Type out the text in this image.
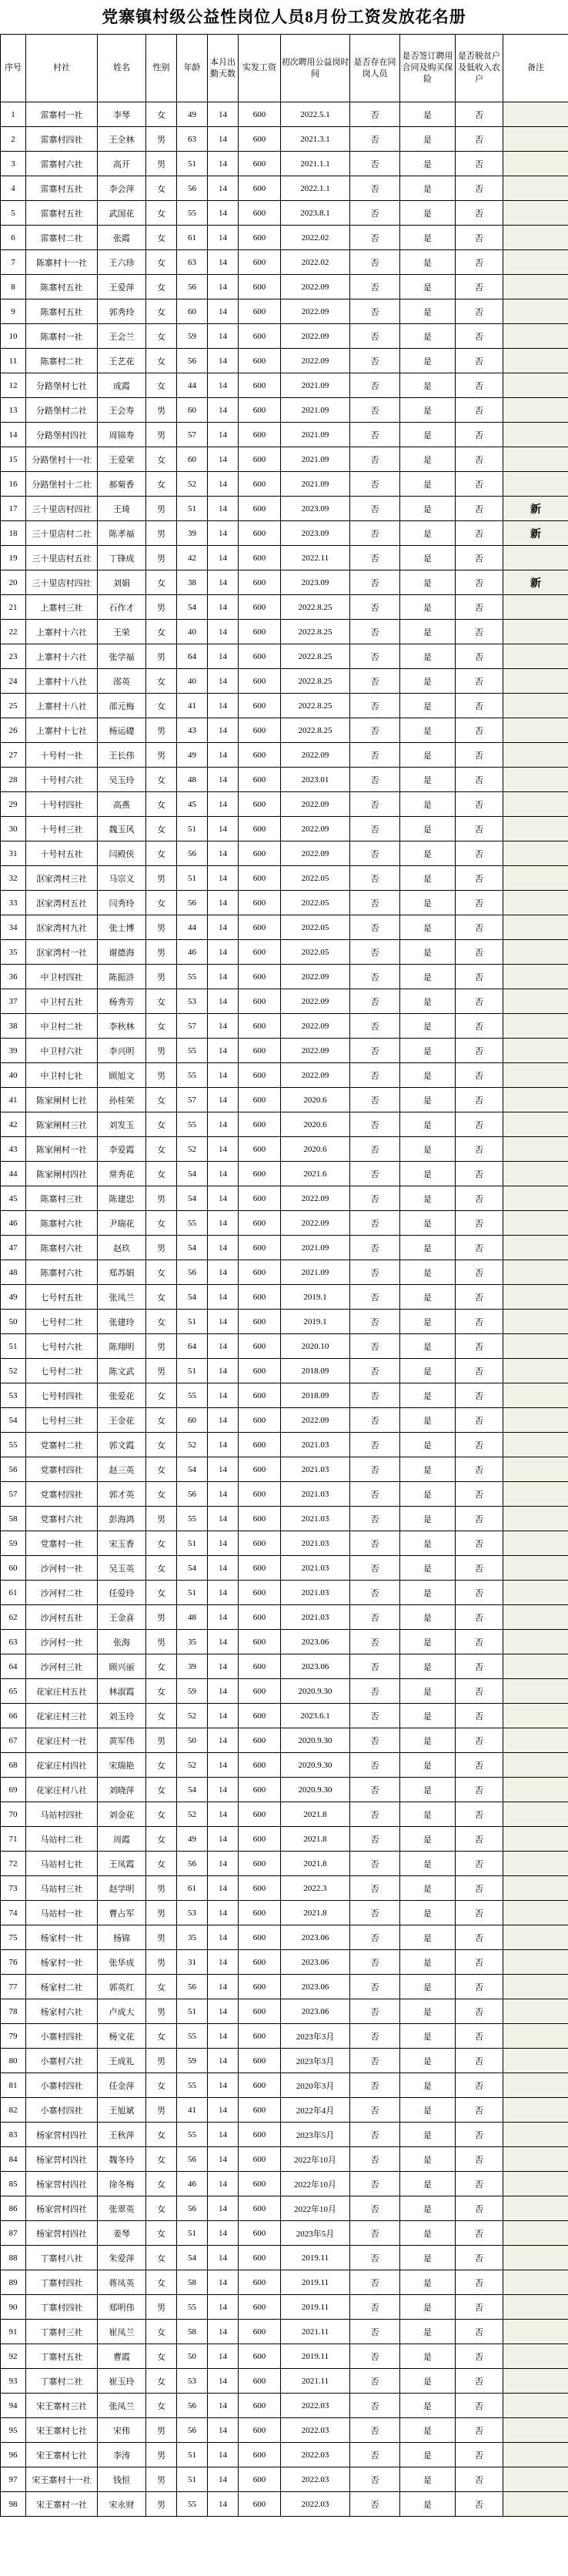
党寨镇村级公益性岗位人员8月份工资发放花名册
序号	村社	姓名	性别	年龄	本月出勤天数	实发工资	初次聘用公益岗时间	是否存在同岗人员	是否签订聘用合同及购买保险	是否脱贫户及低收入农户	备注
1	雷寨村一社	李琴	女	49	14	600	2022.5.1	否	是	否	
2	雷寨村四社	王全林	男	63	14	600	2021.3.1	否	是	否	
3	雷寨村六社	高开	男	51	14	600	2021.1.1	否	是	否	
4	雷寨村五社	李会萍	女	56	14	600	2022.1.1	否	是	否	
5	雷寨村五社	武国花	女	55	14	600	2023.8.1	否	是	否	
6	雷寨村二社	张霞	女	61	14	600	2022.02	否	是	否	
7	陈寨村十一社	王六珍	女	63	14	600	2022.02	否	是	否	
8	陈寨村五社	王爱萍	女	56	14	600	2022.09	否	是	否	
9	陈寨村五社	郭秀玲	女	60	14	600	2022.09	否	是	否	
10	陈寨村一社	王会兰	女	59	14	600	2022.09	否	是	否	
11	陈寨村二社	王艺花	女	56	14	600	2022.09	否	是	否	
12	分路堡村七社	成霞	女	44	14	600	2021.09	否	是	否	
13	分路堡村二社	王会寿	男	60	14	600	2021.09	否	是	否	
14	分路堡村四社	周锦寿	男	57	14	600	2021.09	否	是	否	
15	分路堡村十一社	王爱荣	女	60	14	600	2021.09	否	是	否	
16	分路堡村十二社	郝菊香	女	52	14	600	2021.09	否	是	否	
17	三十里店村四社	王琦	男	51	14	600	2023.09	否	是	否	新
18	三十里店村二社	陈孝福	男	39	14	600	2023.09	否	是	否	新
19	三十里店村五社	丁锋成	男	42	14	600	2022.11	否	是	否	
20	三十里店村四社	刘娟	女	38	14	600	2023.09	否	是	否	新
21	上寨村三社	石作才	男	54	14	600	2022.8.25	否	是	否	
22	上寨村十六社	王荣	女	40	14	600	2022.8.25	否	是	否	
23	上寨村十六社	张学福	男	64	14	600	2022.8.25	否	是	否	
24	上寨村十八社	邵英	女	40	14	600	2022.8.25	否	是	否	
25	上寨村十八社	邵元梅	女	41	14	600	2022.8.25	否	是	否	
26	上寨村十七社	杨运礎	男	43	14	600	2022.8.25	否	是	否	
27	十号村一社	王长伟	男	49	14	600	2022.09	否	是	否	
28	十号村六社	吴玉玲	女	48	14	600	2023.01	否	是	否	
29	十号村四社	高燕	女	45	14	600	2022.09	否	是	否	
30	十号村三社	魏玉风	女	51	14	600	2022.09	否	是	否	
31	十号村五社	闫殿侠	女	56	14	600	2022.09	否	是	否	
32	沤家湾村三社	马宗义	男	51	14	600	2022.05	否	是	否	
33	沤家湾村五社	闫秀玲	女	56	14	600	2022.05	否	是	否	
34	沤家湾村九社	张士博	男	44	14	600	2022.05	否	是	否	
35	沤家湾村一社	谢德海	男	46	14	600	2022.05	否	是	否	
36	中卫村四社	陈振浒	男	55	14	600	2022.09	否	是	否	
37	中卫村五社	杨秀芳	女	53	14	600	2022.09	否	是	否	
38	中卫村二社	李秋林	女	57	14	600	2022.09	否	是	否	
39	中卫村六社	李兴明	男	55	14	600	2022.09	否	是	否	
40	中卫村七社	顾旭文	男	55	14	600	2022.09	否	是	否	
41	陈家闸村七社	孙桂荣	女	57	14	600	2020.6	否	是	否	
42	陈家闸村三社	刘发玉	女	55	14	600	2020.6	否	是	否	
43	陈家闸村一社	李爱霞	女	52	14	600	2020.6	否	是	否	
44	陈家闸村四社	常秀花	女	54	14	600	2021.6	否	是	否	
45	陈寨村三社	陈建忠	男	54	14	600	2022.09	否	是	否	
46	陈寨村六社	尹瑞花	女	55	14	600	2022.09	否	是	否	
47	陈寨村六社	赵玖	男	54	14	600	2021.09	否	是	否	
48	陈寨村六社	郑苏娟	女	56	14	600	2021.09	否	是	否	
49	七号村五社	张凤兰	女	54	14	600	2019.1	否	是	否	
50	七号村二社	张建玲	女	51	14	600	2019.1	否	是	否	
51	七号村六社	陈翔明	男	64	14	600	2020.10	否	是	否	
52	七号村二社	陈文武	男	51	14	600	2018.09	否	是	否	
53	七号村四社	张爱花	女	55	14	600	2018.09	否	是	否	
54	七号村三社	王金花	女	60	14	600	2022.09	否	是	否	
55	党寨村二社	郭文霞	女	52	14	600	2021.03	否	是	否	
56	党寨村四社	赵三英	女	54	14	600	2021.03	否	是	否	
57	党寨村四社	郭才英	女	56	14	600	2021.03	否	是	否	
58	党寨村六社	彭海鸿	男	55	14	600	2021.03	否	是	否	
59	党寨村一社	宋玉香	女	51	14	600	2021.03	否	是	否	
60	沙河村一社	吴玉英	女	54	14	600	2021.03	否	是	否	
61	沙河村二社	任爱玲	女	51	14	600	2021.03	否	是	否	
62	沙河村五社	王金喜	男	48	14	600	2021.03	否	是	否	
63	沙河村一社	张海	男	35	14	600	2023.06	否	是	否	
64	沙河村三社	顾兴丽	女	39	14	600	2023.06	否	是	否	
65	花家庄村五社	林淑霞	女	59	14	600	2020.9.30	否	是	否	
66	花家庄村三社	刘玉玲	女	52	14	600	2023.6.1	否	是	否	
67	花家庄村一社	黄军伟	男	50	14	600	2020.9.30	否	是	否	
68	花家庄村四社	宋瑞艳	女	52	14	600	2020.9.30	否	是	否	
69	花家庄村八社	刘晓萍	女	54	14	600	2020.9.30	否	是	否	
70	马站村四社	刘金花	女	52	14	600	2021.8	否	是	否	
71	马站村二社	周霞	女	49	14	600	2021.8	否	是	否	
72	马站村七社	王凤霞	女	56	14	600	2021.8	否	是	否	
73	马站村三社	赵学明	男	61	14	600	2022.3	否	是	否	
74	马站村一社	曹占军	男	53	14	600	2021.8	否	是	否	
75	杨家村一社	杨锦	男	35	14	600	2023.06	否	是	否	
76	杨家村一社	张华成	男	31	14	600	2023.06	否	是	否	
77	杨家村二社	郭英红	女	56	14	600	2023.06	否	是	否	
78	杨家村六社	卢成大	男	51	14	600	2023.06	否	是	否	
79	小寨村四社	杨文花	女	55	14	600	2023年3月	否	是	否	
80	小寨村六社	王成礼	男	59	14	600	2023年3月	否	是	否	
81	小寨村四社	任金萍	女	55	14	600	2020年3月	否	是	否	
82	小寨村四社	王旭斌	男	41	14	600	2022年4月	否	是	否	
83	杨家营村四社	王秋萍	女	55	14	600	2023年5月	否	是	否	
84	杨家营村四社	魏冬玲	女	56	14	600	2022年10月	否	是	否	
85	杨家营村四社	徐冬梅	女	46	14	600	2022年10月	否	是	否	
86	杨家营村四社	张翠英	女	56	14	600	2022年10月	否	是	否	
87	杨家营村四社	姜琴	女	51	14	600	2023年5月	否	是	否	
88	丁寨村八社	朱爱萍	女	54	14	600	2019.11	否	是	否	
89	丁寨村四社	蒋凤英	女	58	14	600	2019.11	否	是	否	
90	丁寨村四社	郑明伟	男	55	14	600	2019.11	否	是	否	
91	丁寨村三社	崔凤兰	女	58	14	600	2021.11	否	是	否	
92	丁寨村五社	曹霞	女	50	14	600	2019.11	否	是	否	
93	丁寨村二社	崔玉玲	女	53	14	600	2021.11	否	是	否	
94	宋王寨村三社	张凤兰	女	56	14	600	2022.03	否	是	否	
95	宋王寨村七社	宋伟	男	56	14	600	2022.03	否	是	否	
96	宋王寨村七社	李涛	男	51	14	600	2022.03	否	是	否	
97	宋王寨村十一社	钱恒	男	51	14	600	2022.03	否	是	否	
98	宋王寨村一社	宋永财	男	55	14	600	2022.03	否	是	否	
